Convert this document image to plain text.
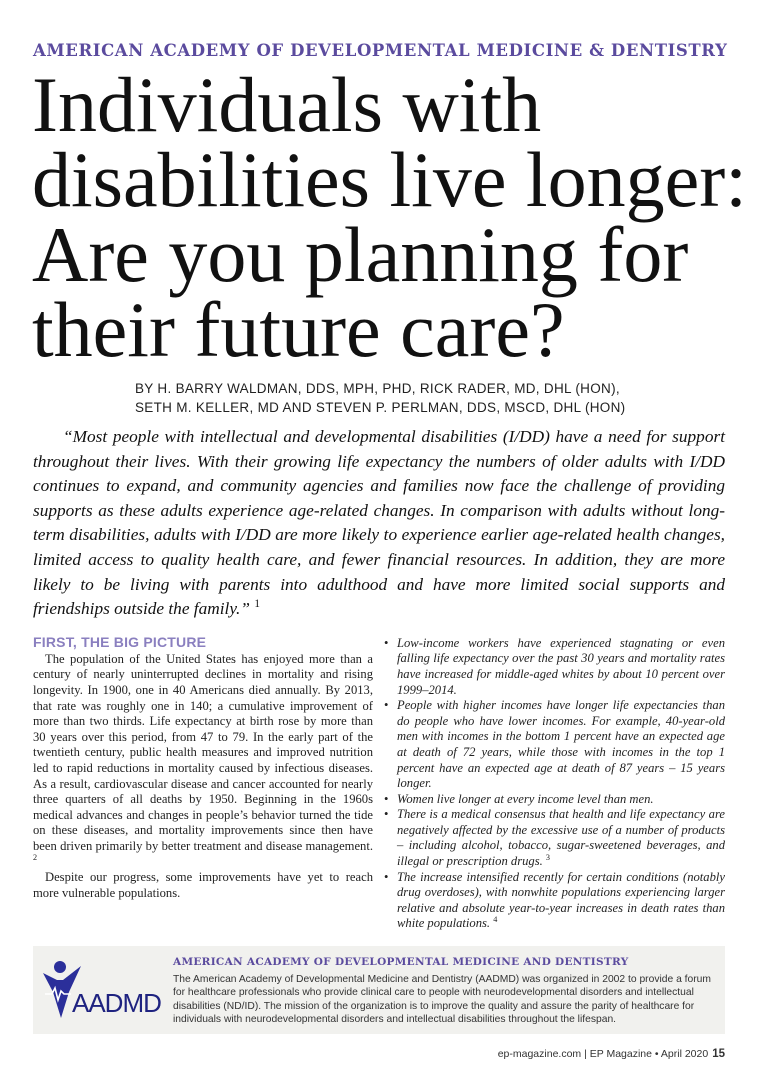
AMERICAN ACADEMY OF DEVELOPMENTAL MEDICINE & DENTISTRY
Individuals with
disabilities live longer:
Are you planning for
their future care?
BY H. BARRY WALDMAN, DDS, MPH, PHD, RICK RADER, MD, DHL (HON),
SETH M. KELLER, MD AND STEVEN P. PERLMAN, DDS, MSCD, DHL (HON)
“Most people with intellectual and developmental disabilities (I/DD) have a need for support throughout their lives. With their growing life expectancy the numbers of older adults with I/DD continues to expand, and community agencies and families now face the challenge of providing supports as these adults experience age-related changes. In comparison with adults without long-term disabilities, adults with I/DD are more likely to experience earlier age-related health changes, limited access to quality health care, and fewer financial resources. In addition, they are more likely to be living with parents into adulthood and have more limited social supports and friendships outside the family.” $^1$
FIRST, THE BIG PICTURE

The population of the United States has enjoyed more than a century of nearly uninterrupted declines in mortality and rising longevity. In 1900, one in 40 Americans died annually. By 2013, that rate was roughly one in 140; a cumulative improvement of more than two thirds. Life expectancy at birth rose by more than 30 years over this period, from 47 to 79. In the early part of the twentieth century, public health measures and improved nutrition led to rapid reductions in mortality caused by infectious diseases. As a result, cardiovascular disease and cancer accounted for nearly three quarters of all deaths by 1950. Beginning in the 1960s medical advances and changes in people’s behavior turned the tide on these diseases, and mortality improvements since then have been driven primarily by better treatment and disease management. $^2$

Despite our progress, some improvements have yet to reach more vulnerable populations.

• Low-income workers have experienced stagnating or even falling life expectancy over the past 30 years and mortality rates have increased for middle-aged whites by about 10 percent over 1999–2014.
• People with higher incomes have longer life expectancies than do people who have lower incomes. For example, 40-year-old men with incomes in the bottom 1 percent have an expected age at death of 72 years, while those with incomes in the top 1 percent have an expected age at death of 87 years – 15 years longer.
• Women live longer at every income level than men.
• There is a medical consensus that health and life expectancy are negatively affected by the excessive use of a number of products – including alcohol, tobacco, sugar-sweetened beverages, and illegal or prescription drugs. $^3$
• The increase intensified recently for certain conditions (notably drug overdoses), with nonwhite populations experiencing larger relative and absolute year-to-year increases in death rates than white populations. $^4$
AADMD
AMERICAN ACADEMY OF DEVELOPMENTAL MEDICINE AND DENTISTRY
The American Academy of Developmental Medicine and Dentistry (AADMD) was organized in 2002 to provide a forum for healthcare professionals who provide clinical care to people with neurodevelopmental disorders and intellectual disabilities (ND/ID). The mission of the organization is to improve the quality and assure the parity of healthcare for individuals with neurodevelopmental disorders and intellectual disabilities throughout the lifespan.
ep-magazine.com | EP Magazine • April 2020 15
